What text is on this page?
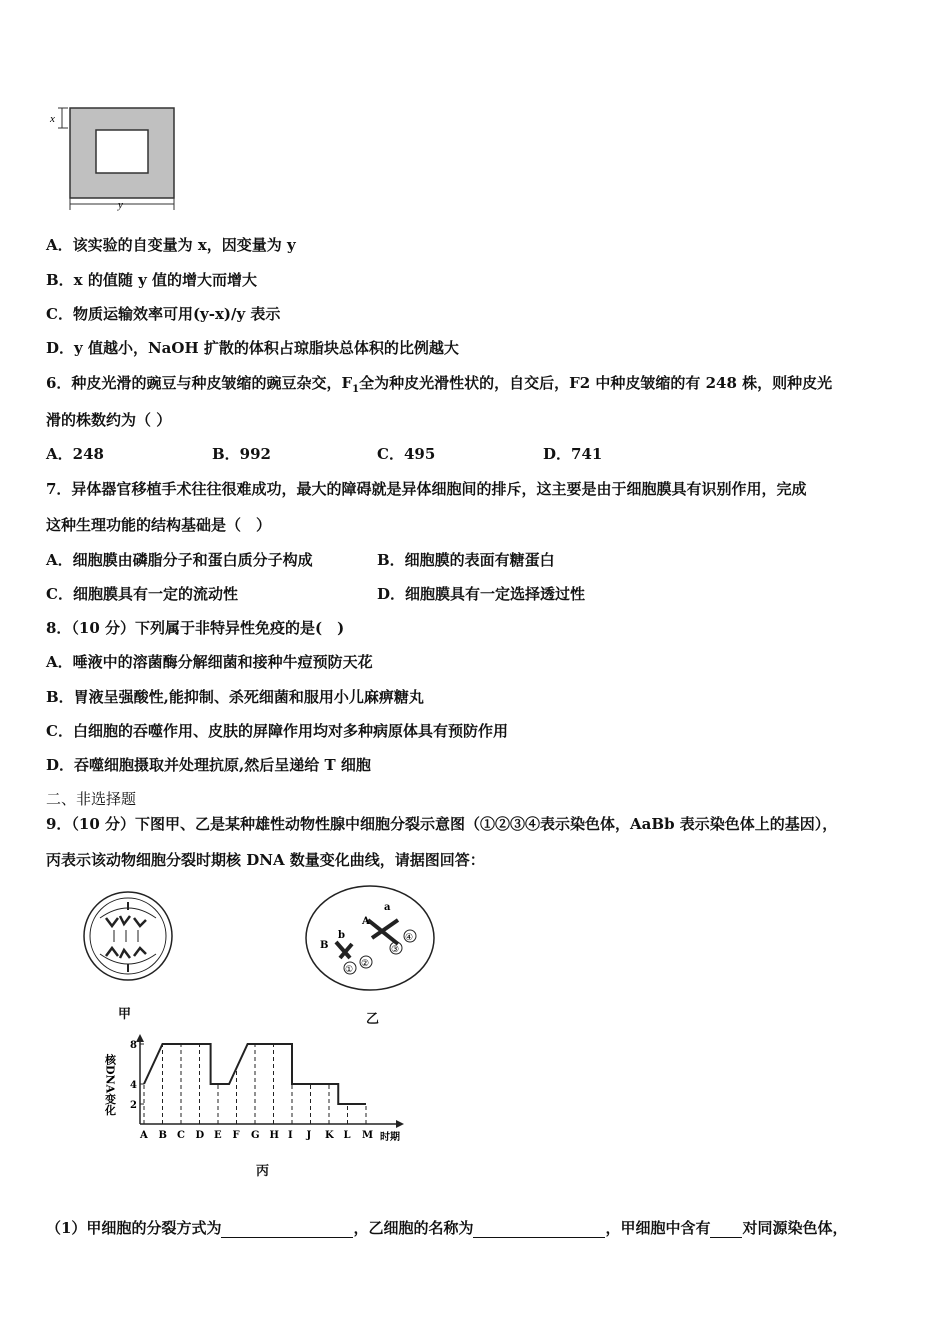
x
y
A．该实验的自变量为 x，因变量为 y
B．x 的值随 y 值的增大而增大
C．物质运输效率可用(y-x)/y 表示
D．y 值越小，NaOH 扩散的体积占琼脂块总体积的比例越大
6．种皮光滑的豌豆与种皮皱缩的豌豆杂交，$F_1$全为种皮光滑性状的，自交后，F2 中种皮皱缩的有 248 株，则种皮光
滑的株数约为（ ）
A．248	B．992	C．495	D．741
7．异体器官移植手术往往很难成功，最大的障碍就是异体细胞间的排斥，这主要是由于细胞膜具有识别作用，完成
这种生理功能的结构基础是（　）
A．细胞膜由磷脂分子和蛋白质分子构成	B．细胞膜的表面有糖蛋白
C．细胞膜具有一定的流动性	D．细胞膜具有一定选择透过性
8．（10 分）下列属于非特异性免疫的是(　)
A．唾液中的溶菌酶分解细菌和接种牛痘预防天花
B．胃液呈强酸性,能抑制、杀死细菌和服用小儿麻痹糖丸
C．白细胞的吞噬作用、皮肤的屏障作用均对多种病原体具有预防作用
D．吞噬细胞摄取并处理抗原,然后呈递给 T 细胞
二、非选择题
9．（10 分）下图甲、乙是某种雄性动物性腺中细胞分裂示意图（①②③④表示染色体，AaBb 表示染色体上的基因），
丙表示该动物细胞分裂时期核 DNA 数量变化曲线，请据图回答：
甲
①
②
③
④
B
b
A
a
乙
核DNA变化
8
4
2
A B C D E F G H I J K L M 时期
丙
（1）甲细胞的分裂方式为	，乙细胞的名称为	，甲细胞中含有 对同源染色体，
